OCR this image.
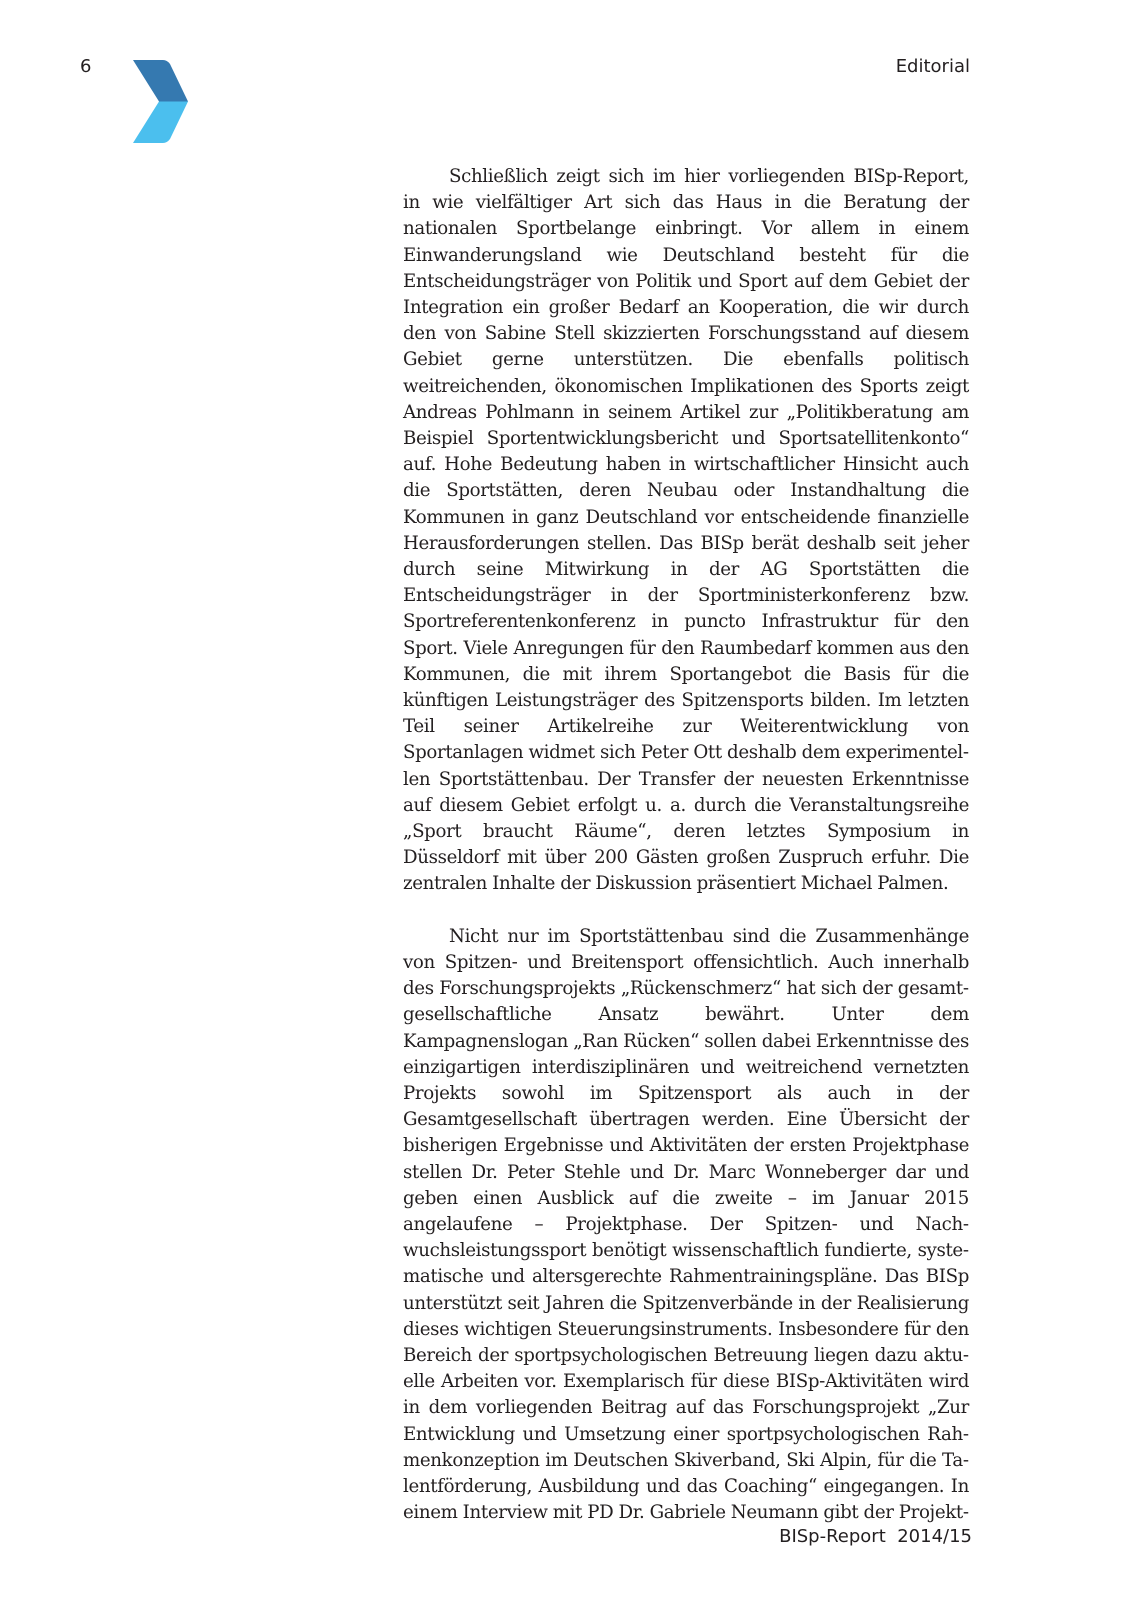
6	Editorial

Schließlich zeigt sich im hier vorliegenden BISp-Report, in wie vielfältiger Art sich das Haus in die Beratung der nationalen Sportbelange einbringt. Vor allem in einem Einwanderungsland wie Deutschland besteht für die Entscheidungsträger von Politik und Sport auf dem Gebiet der Integration ein großer Bedarf an Kooperation, die wir durch den von Sabine Stell skizzierten Forschungsstand auf diesem Gebiet gerne unterstützen. Die ebenfalls politisch weitreichenden, ökonomischen Implikationen des Sports zeigt Andreas Pohlmann in seinem Artikel zur „Politikberatung am Beispiel Sportentwicklungsbericht und Sportsatellitenkonto“ auf. Hohe Bedeutung haben in wirtschaftlicher Hinsicht auch die Sportstätten, deren Neubau oder Instandhaltung die Kommunen in ganz Deutschland vor entscheidende finanzielle Herausforderungen stellen. Das BISp berät deshalb seit jeher durch seine Mitwirkung in der AG Sportstätten die Entscheidungsträger in der Sportministerkonferenz bzw. Sportreferentenkonferenz in puncto Infrastruktur für den Sport. Viele Anregungen für den Raumbedarf kommen aus den Kommunen, die mit ihrem Sportangebot die Basis für die künftigen Leistungsträger des Spitzensports bilden. Im letzten Teil seiner Artikelreihe zur Weiterentwicklung von Sportanlagen widmet sich Peter Ott deshalb dem experimentellen Sportstättenbau. Der Transfer der neuesten Erkenntnisse auf diesem Gebiet erfolgt u. a. durch die Veranstaltungsreihe „Sport braucht Räume“, deren letztes Symposium in Düsseldorf mit über 200 Gästen großen Zuspruch erfuhr. Die zentralen Inhalte der Diskussion präsentiert Michael Palmen.

Nicht nur im Sportstättenbau sind die Zusammenhänge von Spitzen- und Breitensport offensichtlich. Auch innerhalb des Forschungsprojekts „Rückenschmerz“ hat sich der gesamtgesellschaftliche Ansatz bewährt. Unter dem Kampagnenslogan „Ran Rücken“ sollen dabei Erkenntnisse des einzigartigen interdisziplinären und weitreichend vernetzten Projekts sowohl im Spitzensport als auch in der Gesamtgesellschaft übertragen werden. Eine Übersicht der bisherigen Ergebnisse und Aktivitäten der ersten Projektphase stellen Dr. Peter Stehle und Dr. Marc Wonneberger dar und geben einen Ausblick auf die zweite – im Januar 2015 angelaufene – Projektphase. Der Spitzen- und Nachwuchsleistungssport benötigt wissenschaftlich fundierte, systematische und altersgerechte Rahmentrainingspläne. Das BISp unterstützt seit Jahren die Spitzenverbände in der Realisierung dieses wichtigen Steuerungsinstruments. Insbesondere für den Bereich der sportpsychologischen Betreuung liegen dazu aktuelle Arbeiten vor. Exemplarisch für diese BISp-Aktivitäten wird in dem vorliegenden Beitrag auf das Forschungsprojekt „Zur Entwicklung und Umsetzung einer sportpsychologischen Rahmenkonzeption im Deutschen Skiverband, Ski Alpin, für die Talentförderung, Ausbildung und das Coaching“ eingegangen. In einem Interview mit PD Dr. Gabriele Neumann gibt der Projekt-

BISp-Report  2014/15
